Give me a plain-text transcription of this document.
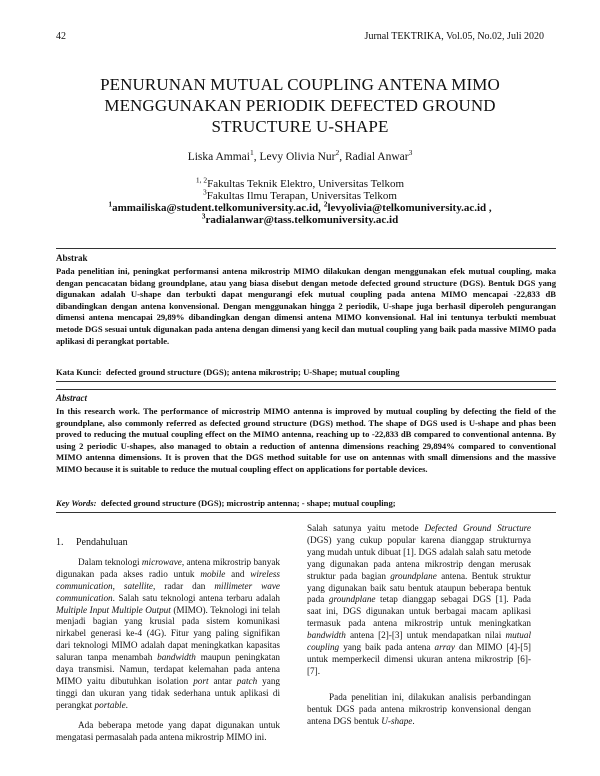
42	Jurnal TEKTRIKA, Vol.05, No.02, Juli 2020
PENURUNAN MUTUAL COUPLING ANTENA MIMO
MENGGUNAKAN PERIODIK DEFECTED GROUND
STRUCTURE U-SHAPE
Liska Ammai$^1$, Levy Olivia Nur$^2$, Radial Anwar$^3$
$^{1, 2}$Fakultas Teknik Elektro, Universitas Telkom
$^3$Fakultas Ilmu Terapan, Universitas Telkom
$^1$ammailiska@student.telkomuniversity.ac.id, $^2$levyolivia@telkomuniversity.ac.id ,
$^3$radialanwar@tass.telkomuniversity.ac.id
Abstrak

Pada penelitian ini, peningkat performansi antena mikrostrip MIMO dilakukan dengan menggunakan efek mutual coupling, maka dengan pencacatan bidang groundplane, atau yang biasa disebut dengan metode defected ground structure (DGS). Bentuk DGS yang digunakan adalah U-shape dan terbukti dapat mengurangi efek mutual coupling pada antena MIMO mencapai -22,833 dB dibandingkan dengan antena konvensional. Dengan menggunakan hingga 2 periodik, U-shape juga berhasil diperoleh pengurangan dimensi antena mencapai 29,89% dibandingkan dengan dimensi antena MIMO konvensional. Hal ini tentunya terbukti membuat metode DGS sesuai untuk digunakan pada antena dengan dimensi yang kecil dan mutual coupling yang baik pada massive MIMO pada aplikasi di perangkat portable.

Kata Kunci: defected ground structure (DGS); antena mikrostrip; U-Shape; mutual coupling
Abstract

In this research work. The performance of microstrip MIMO antenna is improved by mutual coupling by defecting the field of the groundplane, also commonly referred as defected ground structure (DGS) method. The shape of DGS used is U-shape and phas been proved to reducing the mutual coupling effect on the MIMO antenna, reaching up to -22,833 dB compared to conventional antenna. By using 2 periodic U-shapes, also managed to obtain a reduction of antenna dimensions reaching 29,894% compared to conventional MIMO antenna dimensions. It is proven that the DGS method suitable for use on antennas with small dimensions and the massive MIMO because it is suitable to reduce the mutual coupling effect on applications for portable devices.

Key Words: defected ground structure (DGS); microstrip antenna; - shape; mutual coupling;
1. Pendahuluan

Dalam teknologi microwave, antena mikrostrip banyak digunakan pada akses radio untuk mobile and wireless communication, satellite, radar dan millimeter wave communication. Salah satu teknologi antena terbaru adalah Multiple Input Multiple Output (MIMO). Teknologi ini telah menjadi bagian yang krusial pada sistem komunikasi nirkabel generasi ke-4 (4G). Fitur yang paling signifikan dari teknologi MIMO adalah dapat meningkatkan kapasitas saluran tanpa menambah bandwidth maupun peningkatan daya transmisi. Namun, terdapat kelemahan pada antena MIMO yaitu dibutuhkan isolation port antar patch yang tinggi dan ukuran yang tidak sederhana untuk aplikasi di perangkat portable.

Ada beberapa metode yang dapat digunakan untuk mengatasi permasalah pada antena mikrostrip MIMO ini.

Salah satunya yaitu metode Defected Ground Structure (DGS) yang cukup popular karena dianggap strukturnya yang mudah untuk dibuat [1]. DGS adalah salah satu metode yang digunakan pada antena mikrostrip dengan merusak struktur pada bagian groundplane antena. Bentuk struktur yang digunakan baik satu bentuk ataupun beberapa bentuk pada groundplane tetap dianggap sebagai DGS [1]. Pada saat ini, DGS digunakan untuk berbagai macam aplikasi termasuk pada antena mikrostrip untuk meningkatkan bandwidth antena [2]-[3] untuk mendapatkan nilai mutual coupling yang baik pada antena array dan MIMO [4]-[5] untuk memperkecil dimensi ukuran antena mikrostrip [6]-[7].

Pada penelitian ini, dilakukan analisis perbandingan bentuk DGS pada antena mikrostrip konvensional dengan antena DGS bentuk U-shape.
